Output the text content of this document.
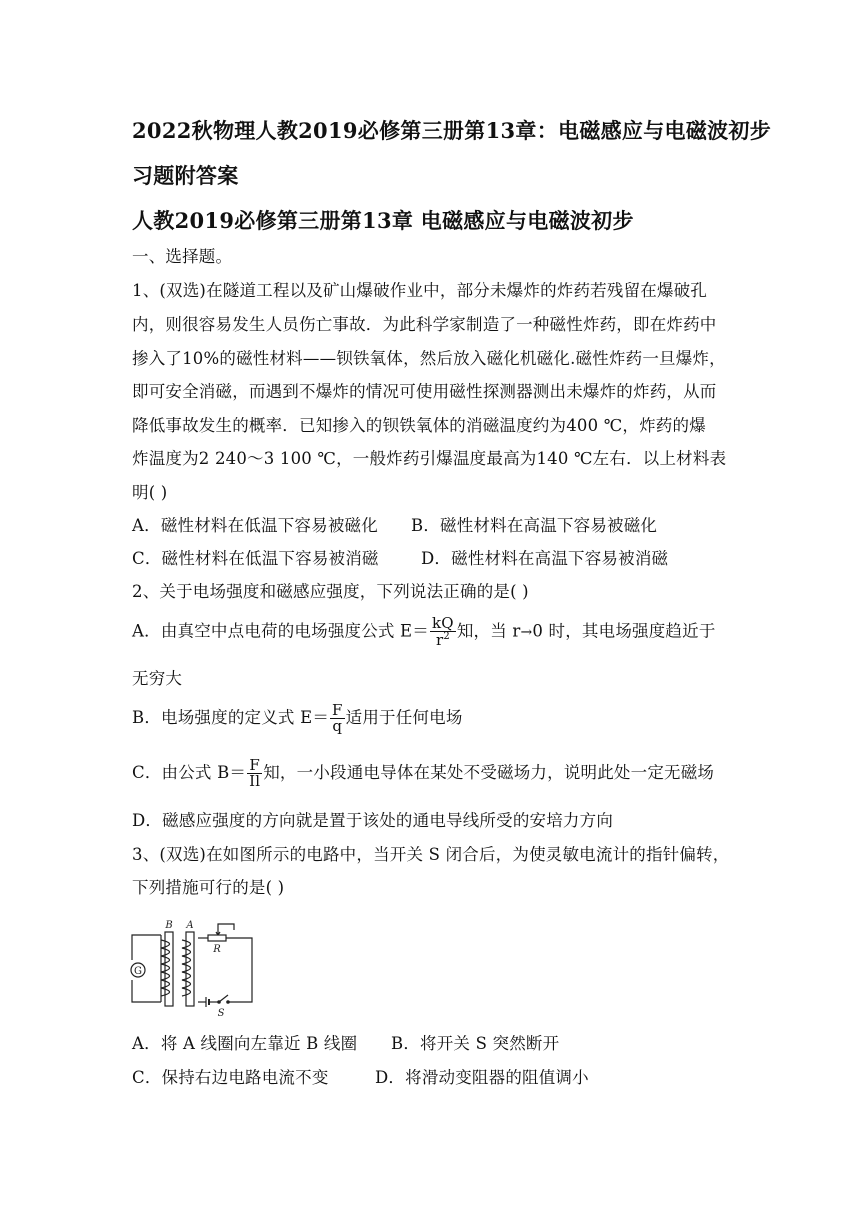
2022秋物理人教2019必修第三册第13章：电磁感应与电磁波初步
习题附答案
人教2019必修第三册第13章 电磁感应与电磁波初步
一、选择题。
1、(双选)在隧道工程以及矿山爆破作业中，部分未爆炸的炸药若残留在爆破孔
内，则很容易发生人员伤亡事故．为此科学家制造了一种磁性炸药，即在炸药中
掺入了10%的磁性材料——钡铁氧体，然后放入磁化机磁化.磁性炸药一旦爆炸，
即可安全消磁，而遇到不爆炸的情况可使用磁性探测器测出未爆炸的炸药，从而
降低事故发生的概率．已知掺入的钡铁氧体的消磁温度约为400 ℃，炸药的爆
炸温度为2 240～3 100 ℃，一般炸药引爆温度最高为140 ℃左右．以上材料表
明( )
A．磁性材料在低温下容易被磁化 B．磁性材料在高温下容易被磁化
C．磁性材料在低温下容易被消磁	D．磁性材料在高温下容易被消磁
2、关于电场强度和磁感应强度，下列说法正确的是( )
A．由真空中点电荷的电场强度公式 $E= \frac{kQ}{r^2}$ 知，当 r→0 时，其电场强度趋近于
无穷大
B．电场强度的定义式 $E= \frac{F}{q}$ 适用于任何电场
C．由公式 $B= \frac{F}{Il}$ 知，一小段通电导体在某处不受磁场力，说明此处一定无磁场
D．磁感应强度的方向就是置于该处的通电导线所受的安培力方向
3、(双选)在如图所示的电路中，当开关 S 闭合后，为使灵敏电流计的指针偏转，
下列措施可行的是( )
G
B A
R
S
A．将 A 线圈向左靠近 B 线圈 B．将开关 S 突然断开
C．保持右边电路电流不变	D．将滑动变阻器的阻值调小
